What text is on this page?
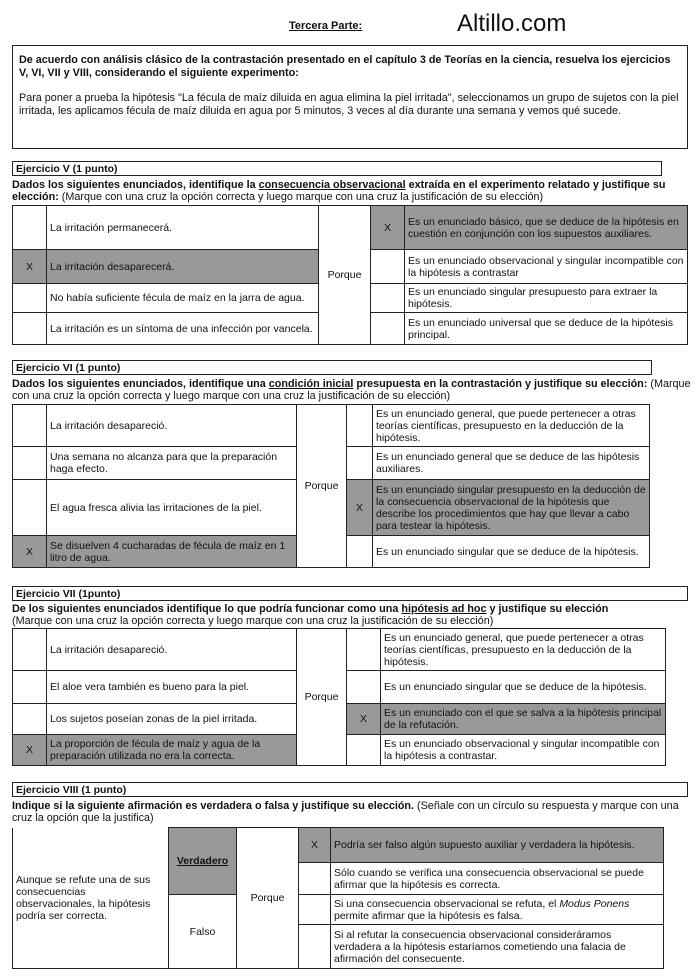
Tercera Parte:	Altillo.com
De acuerdo con análisis clásico de la contrastación presentado en el capítulo 3 de Teorías en la ciencia, resuelva los ejercicios V, VI, VII y VIII, considerando el siguiente experimento:
Para poner a prueba la hipótesis "La fécula de maíz diluida en agua elimina la piel irritada", seleccionamos un grupo de sujetos con la piel irritada, les aplicamos fécula de maíz diluida en agua por 5 minutos, 3 veces al día durante una semana y vemos qué sucede.
Ejercicio V (1 punto)
Dados los siguientes enunciados, identifique la consecuencia observacional extraída en el experimento relatado y justifique su elección: (Marque con una cruz la opción correcta y luego marque con una cruz la justificación de su elección)
	La irritación permanecerá.	Porque	X	Es un enunciado básico, que se deduce de la hipótesis en cuestión en conjunción con los supuestos auxiliares.
X	La irritación desaparecerá.			Es un enunciado observacional y singular incompatible con la hipótesis a contrastar
	No había suficiente fécula de maíz en la jarra de agua.			Es un enunciado singular presupuesto para extraer la hipótesis.
	La irritación es un síntoma de una infección por vancela.			Es un enunciado universal que se deduce de la hipótesis principal.
Ejercicio VI (1 punto)
Dados los siguientes enunciados, identifique una condición inicial presupuesta en la contrastación y justifique su elección: (Marque con una cruz la opción correcta y luego marque con una cruz la justificación de su elección)
	La irritación desapareció.	Porque		Es un enunciado general, que puede pertenecer a otras teorías científicas, presupuesto en la deducción de la hipótesis.
	Una semana no alcanza para que la preparación haga efecto.			Es un enunciado general que se deduce de las hipótesis auxiliares.
	El agua fresca alivia las irritaciones de la piel.		X	Es un enunciado singular presupuesto en la deducción de la consecuencia observacional de la hipótesis que describe los procedimientos que hay que llevar a cabo para testear la hipótesis.
X	Se disuelven 4 cucharadas de fécula de maíz en 1 litro de agua.			Es un enunciado singular que se deduce de la hipótesis.
Ejercicio VII (1punto)
De los siguientes enunciados identifique lo que podría funcionar como una hipótesis ad hoc y justifique su elección
(Marque con una cruz la opción correcta y luego marque con una cruz la justificación de su elección)
	La irritación desapareció.	Porque		Es un enunciado general, que puede pertenecer a otras teorías científicas, presupuesto en la deducción de la hipótesis.
	El aloe vera también es bueno para la piel.			Es un enunciado singular que se deduce de la hipótesis.
	Los sujetos poseían zonas de la piel irritada.		X	Es un enunciado con el que se salva a la hipótesis principal de la refutación.
X	La proporción de fécula de maíz y agua de la preparación utilizada no era la correcta.			Es un enunciado observacional y singular incompatible con la hipótesis a contrastar.
Ejercicio VIII (1 punto)
Indique si la siguiente afirmación es verdadera o falsa y justifique su elección. (Señale con un círculo su respuesta y marque con una cruz la opción que la justifica)
Aunque se refute una de sus consecuencias observacionales, la hipótesis podría ser correcta.	Verdadero	Porque	X	Podría ser falso algún supuesto auxiliar y verdadera la hipótesis.
				Sólo cuando se verifica una consecuencia observacional se puede afirmar que la hipótesis es correcta.
	Falso			Si una consecuencia observacional se refuta, el Modus Ponens permite afirmar que la hipótesis es falsa.
				Si al refutar la consecuencia observacional consideráramos verdadera a la hipótesis estaríamos cometiendo una falacia de afirmación del consecuente.
